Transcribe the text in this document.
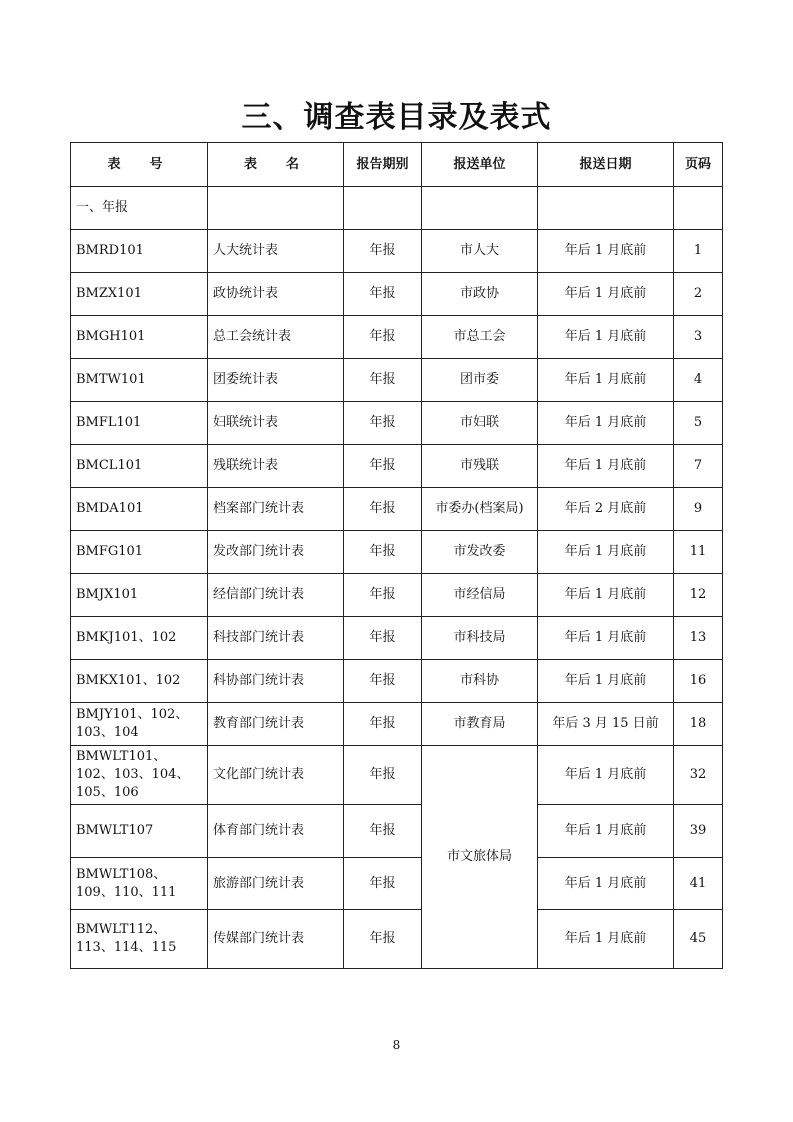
三、调查表目录及表式
表　号	表　名	报告期别	报送单位	报送日期	页码
一、年报					
BMRD101	人大统计表	年报	市人大	年后 1 月底前	1
BMZX101	政协统计表	年报	市政协	年后 1 月底前	2
BMGH101	总工会统计表	年报	市总工会	年后 1 月底前	3
BMTW101	团委统计表	年报	团市委	年后 1 月底前	4
BMFL101	妇联统计表	年报	市妇联	年后 1 月底前	5
BMCL101	残联统计表	年报	市残联	年后 1 月底前	7
BMDA101	档案部门统计表	年报	市委办(档案局)	年后 2 月底前	9
BMFG101	发改部门统计表	年报	市发改委	年后 1 月底前	11
BMJX101	经信部门统计表	年报	市经信局	年后 1 月底前	12
BMKJ101、102	科技部门统计表	年报	市科技局	年后 1 月底前	13
BMKX101、102	科协部门统计表	年报	市科协	年后 1 月底前	16
BMJY101、102、103、104	教育部门统计表	年报	市教育局	年后 3 月 15 日前	18
BMWLT101、102、103、104、105、106	文化部门统计表	年报	市文旅体局	年后 1 月底前	32
BMWLT107	体育部门统计表	年报		年后 1 月底前	39
BMWLT108、109、110、111	旅游部门统计表	年报		年后 1 月底前	41
BMWLT112、113、114、115	传媒部门统计表	年报		年后 1 月底前	45
8
